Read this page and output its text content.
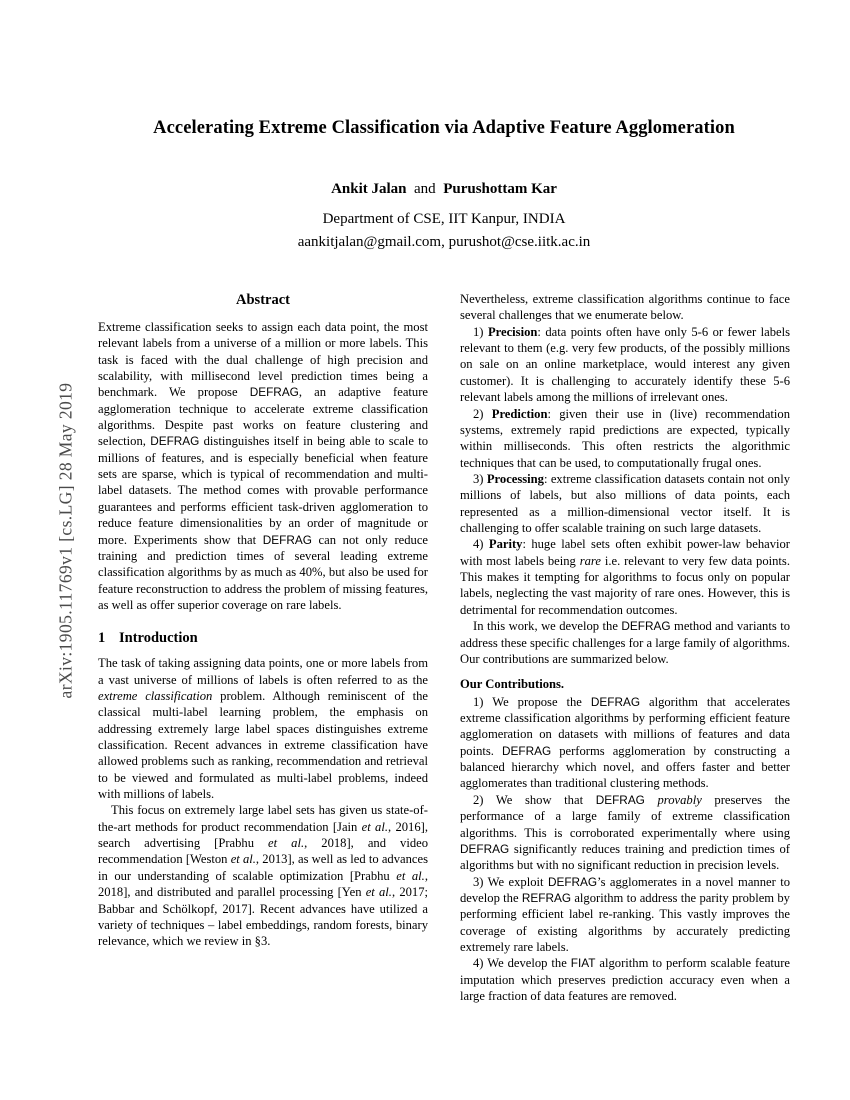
arXiv:1905.11769v1 [cs.LG] 28 May 2019
Accelerating Extreme Classification via Adaptive Feature Agglomeration
Ankit Jalan and Purushottam Kar
Department of CSE, IIT Kanpur, INDIA
aankitjalan@gmail.com, purushot@cse.iitk.ac.in
Abstract

Extreme classification seeks to assign each data point, the most relevant labels from a universe of a million or more labels. This task is faced with the dual challenge of high precision and scalability, with millisecond level prediction times being a benchmark. We propose DEFRAG, an adaptive feature agglomeration technique to accelerate extreme classification algorithms. Despite past works on feature clustering and selection, DEFRAG distinguishes itself in being able to scale to millions of features, and is especially beneficial when feature sets are sparse, which is typical of recommendation and multi-label datasets. The method comes with provable performance guarantees and performs efficient task-driven agglomeration to reduce feature dimensionalities by an order of magnitude or more. Experiments show that DEFRAG can not only reduce training and prediction times of several leading extreme classification algorithms by as much as 40%, but also be used for feature reconstruction to address the problem of missing features, as well as offer superior coverage on rare labels.

1 Introduction

The task of taking assigning data points, one or more labels from a vast universe of millions of labels is often referred to as the extreme classification problem. Although reminiscent of the classical multi-label learning problem, the emphasis on addressing extremely large label spaces distinguishes extreme classification. Recent advances in extreme classification have allowed problems such as ranking, recommendation and retrieval to be viewed and formulated as multi-label problems, indeed with millions of labels.

This focus on extremely large label sets has given us state-of-the-art methods for product recommendation [Jain et al., 2016], search advertising [Prabhu et al., 2018], and video recommendation [Weston et al., 2013], as well as led to advances in our understanding of scalable optimization [Prabhu et al., 2018], and distributed and parallel processing [Yen et al., 2017; Babbar and Schölkopf, 2017]. Recent advances have utilized a variety of techniques – label embeddings, random forests, binary relevance, which we review in §3.

Nevertheless, extreme classification algorithms continue to face several challenges that we enumerate below.

1) Precision: data points often have only 5-6 or fewer labels relevant to them (e.g. very few products, of the possibly millions on sale on an online marketplace, would interest any given customer). It is challenging to accurately identify these 5-6 relevant labels among the millions of irrelevant ones.

2) Prediction: given their use in (live) recommendation systems, extremely rapid predictions are expected, typically within milliseconds. This often restricts the algorithmic techniques that can be used, to computationally frugal ones.

3) Processing: extreme classification datasets contain not only millions of labels, but also millions of data points, each represented as a million-dimensional vector itself. It is challenging to offer scalable training on such large datasets.

4) Parity: huge label sets often exhibit power-law behavior with most labels being rare i.e. relevant to very few data points. This makes it tempting for algorithms to focus only on popular labels, neglecting the vast majority of rare ones. However, this is detrimental for recommendation outcomes.

In this work, we develop the DEFRAG method and variants to address these specific challenges for a large family of algorithms. Our contributions are summarized below.

Our Contributions.

1) We propose the DEFRAG algorithm that accelerates extreme classification algorithms by performing efficient feature agglomeration on datasets with millions of features and data points. DEFRAG performs agglomeration by constructing a balanced hierarchy which novel, and offers faster and better agglomerates than traditional clustering methods.

2) We show that DEFRAG provably preserves the performance of a large family of extreme classification algorithms. This is corroborated experimentally where using DEFRAG significantly reduces training and prediction times of algorithms but with no significant reduction in precision levels.

3) We exploit DEFRAG’s agglomerates in a novel manner to develop the REFRAG algorithm to address the parity problem by performing efficient label re-ranking. This vastly improves the coverage of existing algorithms by accurately predicting extremely rare labels.

4) We develop the FIAT algorithm to perform scalable feature imputation which preserves prediction accuracy even when a large fraction of data features are removed.
